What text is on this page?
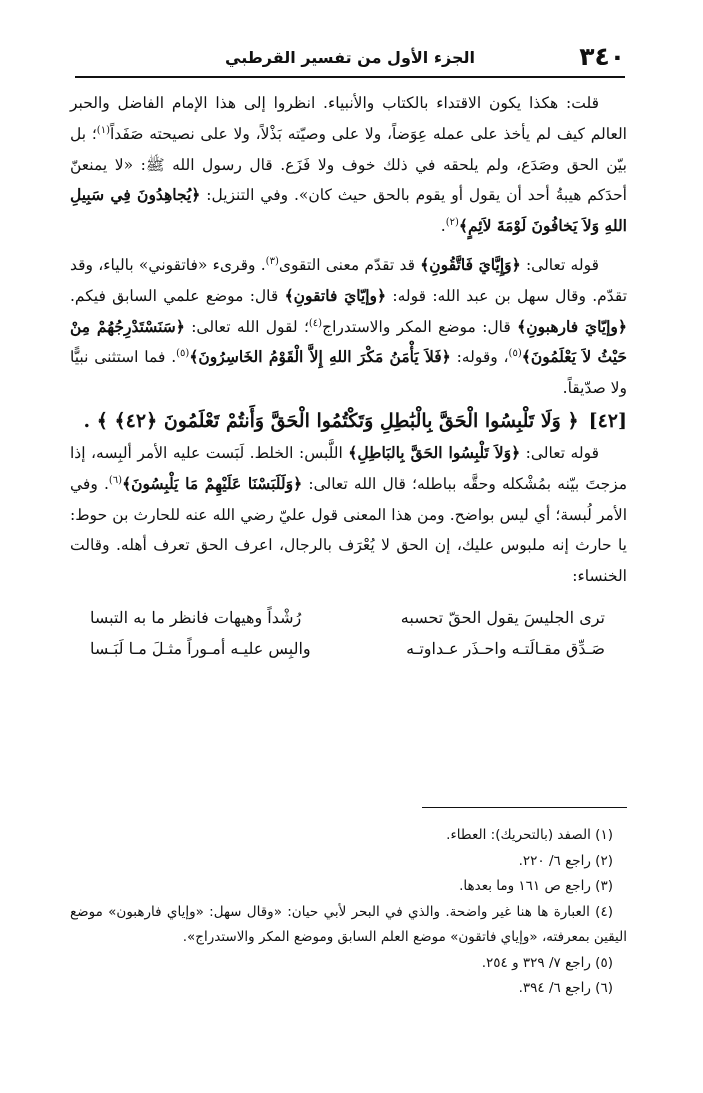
٣٤٠
الجزء الأول من تفسير القرطبي

قلت: هكذا يكون الاقتداء بالكتاب والأنبياء. انظروا إلى هذا الإمام الفاضل والحبر العالم كيف لم يأخذ على عمله عِوَضاً، ولا على وصيّته بَذْلاً، ولا على نصيحته صَفَداً$^{(١)}$؛ بل بيّن الحق وصَدَع، ولم يلحقه في ذلك خوف ولا فَزَع. قال رسول الله ﷺ: «لا يمنعنّ أحدَكم هيبةُ أحد أن يقول أو يقوم بالحق حيث كان». وفي التنزيل: ﴿يُجاهِدُونَ فِي سَبِيلِ اللهِ وَلاَ يَخافُونَ لَوْمَةَ لاَئِمٍ﴾$^{(٢)}$.

قوله تعالى: ﴿وَإِيَّايَ فَاتَّقُونِ﴾ قد تقدّم معنى التقوى$^{(٣)}$. وقرىء «فاتقوني» بالياء، وقد تقدّم. وقال سهل بن عبد الله: قوله: ﴿وإيّايَ فاتقونِ﴾ قال: موضع علمي السابق فيكم. ﴿وإيّايَ فارهبونِ﴾ قال: موضع المكر والاستدراج$^{(٤)}$؛ لقول الله تعالى: ﴿سَنَسْتَدْرِجُهُمْ مِنْ حَيْثُ لاَ يَعْلَمُونَ﴾$^{(٥)}$، وقوله: ﴿فَلاَ يَأْمَنُ مَكْرَ اللهِ إِلاَّ الْقَوْمُ الخَاسِرُونَ﴾$^{(٥)}$. فما استثنى نبيًّا ولا صدّيقاً.

[٤٢]﴿ وَلَا تَلْبِسُوا الْحَقَّ بِالْبَٰطِلِ وَتَكْتُمُوا الْحَقَّ وَأَنتُمْ تَعْلَمُونَ ﴿٤٢﴾ ﴾ .

قوله تعالى: ﴿وَلاَ تَلْبِسُوا الحَقَّ بِالبَاطِلِ﴾ اللَّبس: الخلط. لَبَست عليه الأمر ألبِسه، إذا مزجتَ بيّنه بمُشْكله وحقَّه بباطله؛ قال الله تعالى: ﴿وَلَلَبَسْنَا عَلَيْهِمْ مَا يَلْبِسُونَ﴾$^{(٦)}$. وفي الأمر لُبسة؛ أي ليس بواضح. ومن هذا المعنى قول عليّ رضي الله عنه للحارث بن حوط: يا حارث إنه ملبوس عليك، إن الحق لا يُعْرَف بالرجال، اعرف الحق تعرف أهله. وقالت الخنساء:

ترى الجليسَ يقول الحقّ تحسبه
رُشْداً وهيهات فانظر ما به التبسا
صَـدِّق مقـالَتـه واحـذَر عـداوتـه
والبِس عليـه أمـوراً مثـلَ مـا لَبَـسا

(١) الصفد (بالتحريك): العطاء.

(٢) راجع ٦/ ٢٢٠.

(٣) راجع ص ١٦١ وما بعدها.

(٤) العبارة ها هنا غير واضحة. والذي في البحر لأبي حيان: «وقال سهل: «وإياي فارهبون» موضع اليقين بمعرفته، «وإياي فاتقون» موضع العلم السابق وموضع المكر والاستدراج».

(٥) راجع ٧/ ٣٢٩ و ٢٥٤.

(٦) راجع ٦/ ٣٩٤.
